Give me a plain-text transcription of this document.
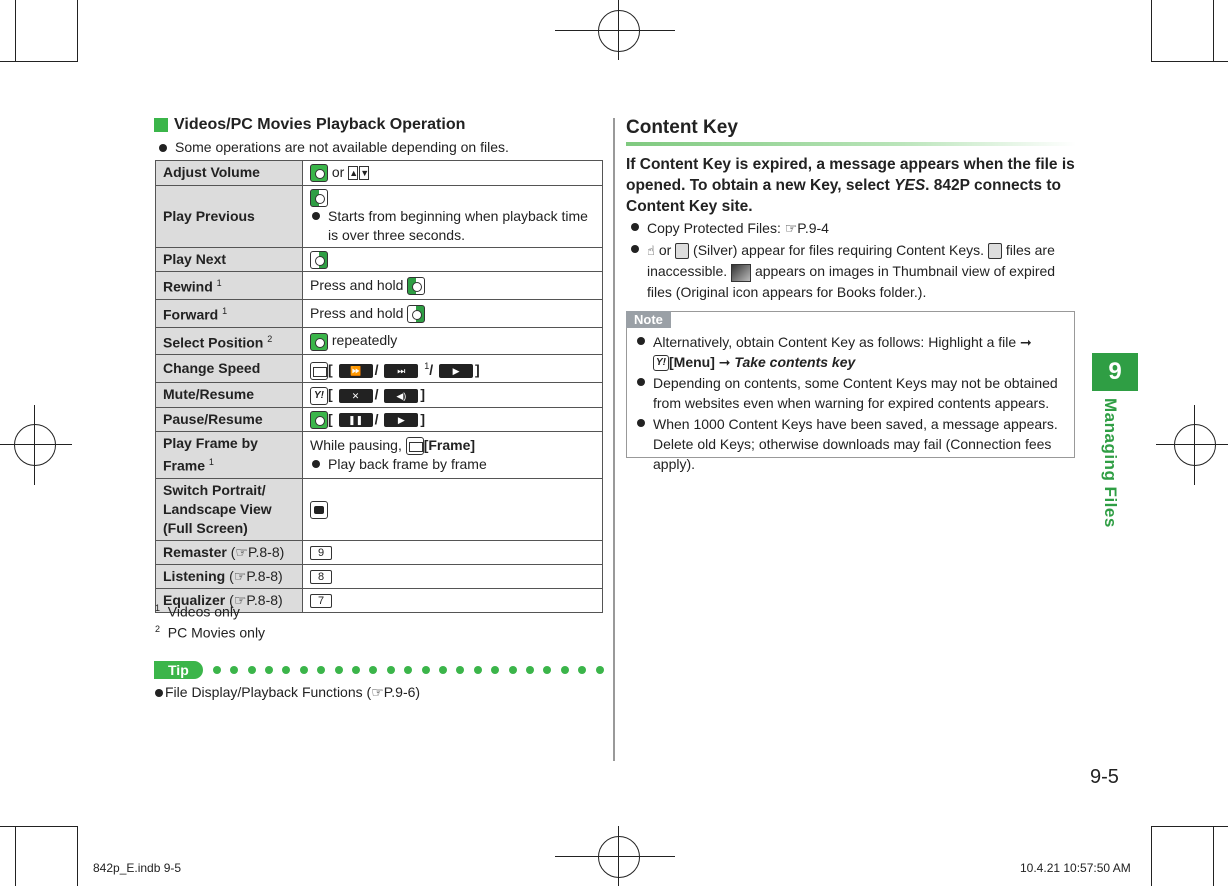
Videos/PC Movies Playback Operation
Some operations are not available depending on files.
Adjust Volume	or ▲ ▼
Play Previous	Starts from beginning when playback time is over three seconds.

Play Next	
Rewind $^1$	Press and hold
Forward $^1$	Press and hold
Select Position $^2$	repeatedly
Change Speed	[ ⏩ / ⏭ $^1$/ ▶ ]
Mute/Resume	Y! [ ✕ / ◀) ]
Pause/Resume	[ ❚❚ / ▶ ]
Play Frame by Frame $^1$	While pausing, [Frame]
Play back frame by frame

Switch Portrait/ Landscape View (Full Screen)	
Remaster (☞P.8-8)	9
Listening (☞P.8-8)	8
Equalizer (☞P.8-8)	7
$^1$ Videos only
$^2$ PC Movies only
Tip
File Display/Playback Functions ( ☞ P.9-6 )
Content Key
If Content Key is expired, a message appears when the file is opened. To obtain a new Key, select YES. 842P connects to Content Key site.
Copy Protected Files: ☞P.9-4
☝ or (Silver) appear for files requiring Content Keys. files are inaccessible. appears on images in Thumbnail view of expired files (Original icon appears for Books folder.).
Note
Alternatively, obtain Content Key as follows: Highlight a file ➞
Y! [Menu] ➞ Take contents key
Depending on contents, some Content Keys may not be obtained from websites even when warning for expired contents appears.
When 1000 Content Keys have been saved, a message appears. Delete old Keys; otherwise downloads may fail (Connection fees apply).
9
Managing Files
9-5
842p_E.indb 9-5	10.4.21 10:57:50 AM
